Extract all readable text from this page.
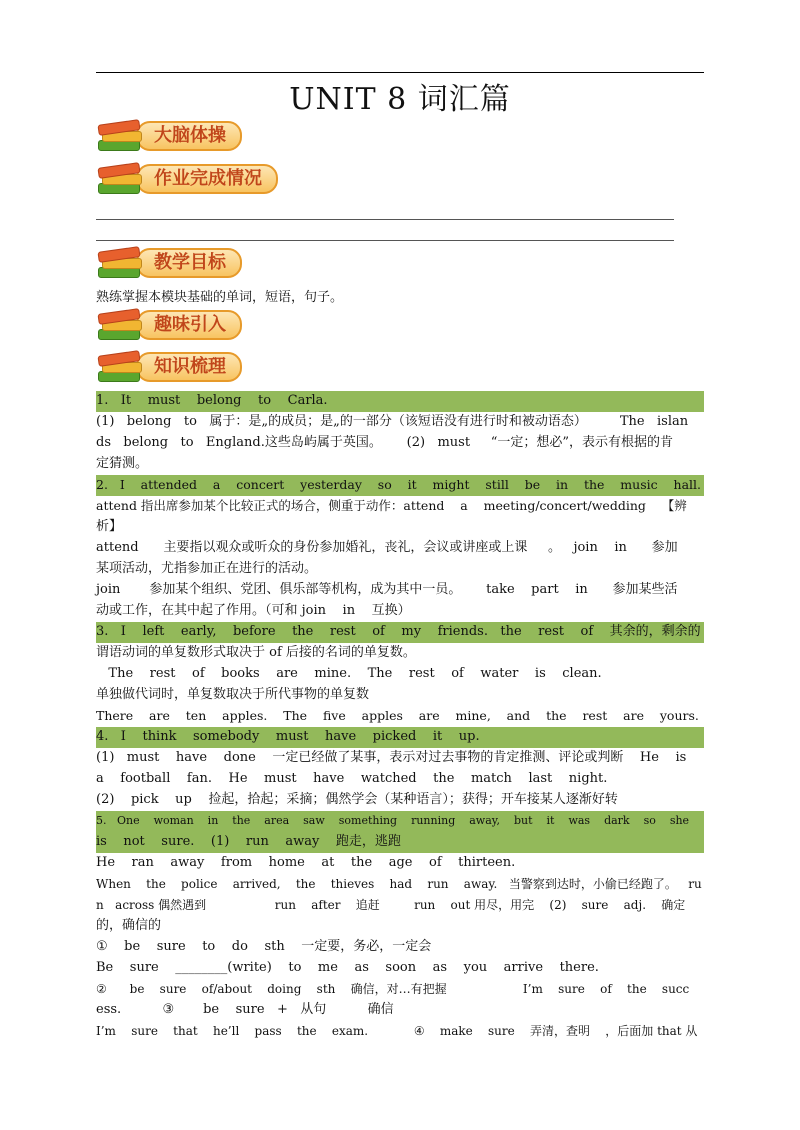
UNIT 8 词汇篇
大脑体操
作业完成情况
教学目标
熟练掌握本模块基础的单词，短语，句子。
趣味引入
知识梳理
1.   It    must    belong    to    Carla.
(1)   belong   to   属于：是„的成员；是„的一部分（该短语没有进行时和被动语态）        The   islan
ds   belong   to   England.这些岛屿属于英国。      (2)   must     “一定；想必”，表示有根据的肯
定猜测。
2.   I    attended    a    concert    yesterday    so    it    might    still    be    in    the    music    hall.
attend 指出席参加某个比较正式的场合，侧重于动作：attend    a    meeting/concert/wedding    【辨
析】
attend      主要指以观众或听众的身份参加婚礼，丧礼，会议或讲座或上课     。   join    in      参加
某项活动，尤指参加正在进行的活动。
join       参加某个组织、党团、俱乐部等机构，成为其中一员。      take    part    in      参加某些活
动或工作，在其中起了作用。（可和 join    in    互换）
3.   I    left    early,    before    the    rest    of    my    friends.   the    rest    of    其余的，剩余的
谓语动词的单复数形式取决于 of 后接的名词的单复数。
The    rest    of    books    are    mine.    The    rest    of    water    is    clean.
单独做代词时，单复数取决于所代事物的单复数
There    are    ten    apples.    The    five    apples    are    mine,    and    the    rest    are    yours.
4.   I    think    somebody    must    have    picked    it    up.
(1)   must    have    done    一定已经做了某事，表示对过去事物的肯定推测、评论或判断    He    is
a    football    fan.    He    must    have    watched    the    match    last    night.
(2)    pick    up    捡起，拾起；采摘；偶然学会（某种语言）；获得；开车接某人逐渐好转
5.   One    woman    in    the    area    saw    something    running    away,    but    it    was    dark    so    she
is    not    sure.    (1)    run    away    跑走，逃跑
He    ran    away    from    home    at    the    age    of    thirteen.
When    the    police    arrived,    the    thieves    had    run    away.   当警察到达时，小偷已经跑了。   ru
n   across 偶然遇到                  run    after    追赶         run    out 用尽，用完    (2)    sure    adj.    确定
的，确信的
①    be    sure    to    do    sth    一定要，务必，一定会
Be    sure    ________(write)    to    me    as    soon    as    you    arrive    there.
②      be    sure    of/about    doing    sth    确信，对…有把握                    I’m    sure    of    the    succ
ess.          ③       be    sure   +   从句          确信
I’m    sure    that    he’ll    pass    the    exam.            ④    make    sure    弄清，查明    ，后面加 that 从
